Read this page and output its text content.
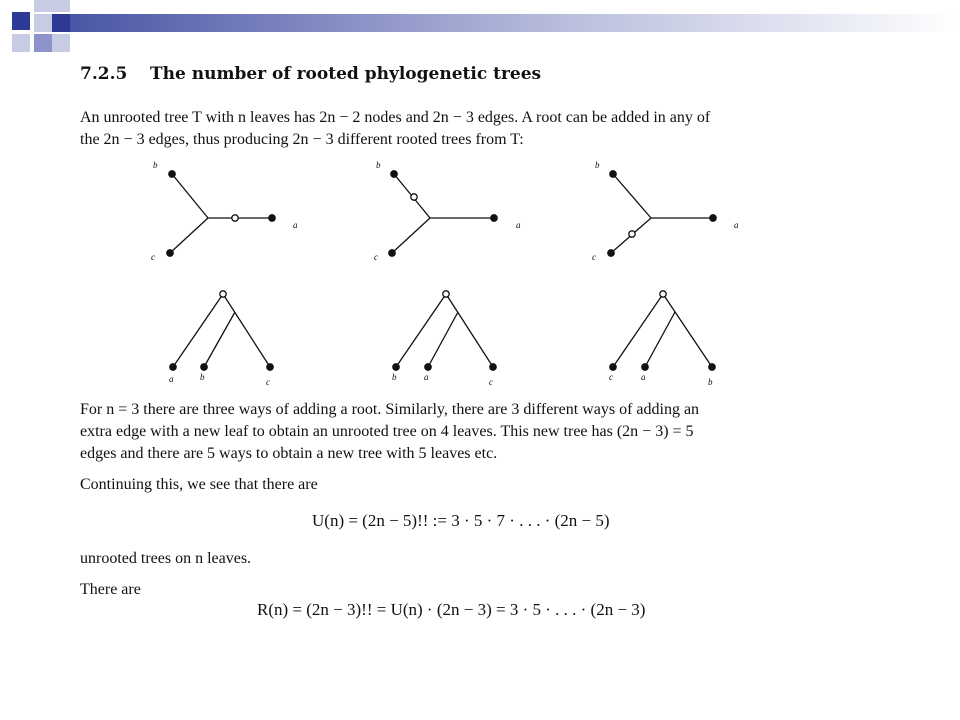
7.2.5 The number of rooted phylogenetic trees
An unrooted tree T with n leaves has 2n − 2 nodes and 2n − 3 edges. A root can be added in any of
the 2n − 3 edges, thus producing 2n − 3 different rooted trees from T:
b
c
a
b
c
a
b
c
a
a	b	c	b	a	c	c	a	b
For n = 3 there are three ways of adding a root. Similarly, there are 3 different ways of adding an
extra edge with a new leaf to obtain an unrooted tree on 4 leaves. This new tree has (2n − 3) = 5
edges and there are 5 ways to obtain a new tree with 5 leaves etc.
Continuing this, we see that there are
U(n) = (2n − 5)!! := 3 · 5 · 7 · . . . · (2n − 5)
unrooted trees on n leaves.
There are
R(n) = (2n − 3)!! = U(n) · (2n − 3) = 3 · 5 · . . . · (2n − 3)
